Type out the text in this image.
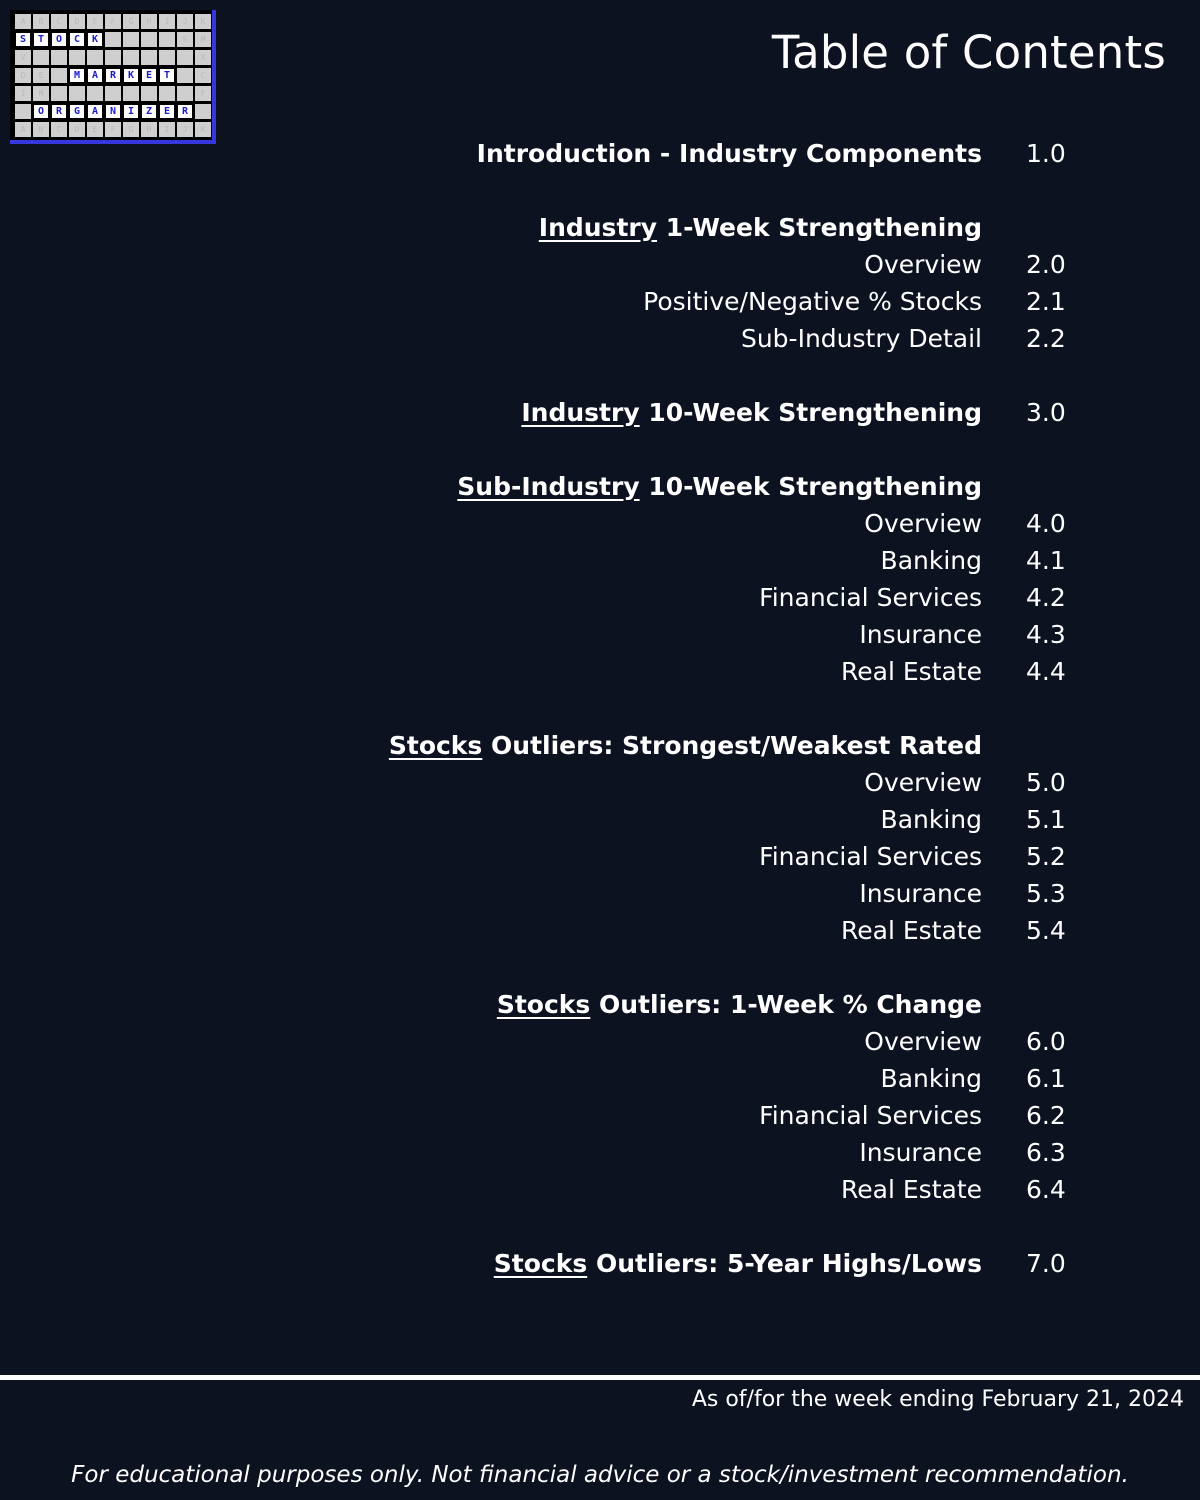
A	B	C	D	E	F	G	H	I	J	K
S	T	O	C	K	S	M
V	X
D	E	M	A	R	K	E	T	C
I	M	F
O	R	G	A	N	I	Z	E	R
A	B	C	D	E	F	G	H	I	J	K
Table of Contents
Introduction - Industry Components 1.0
Industry 1-Week Strengthening
Overview 2.0
Positive/Negative % Stocks 2.1
Sub-Industry Detail 2.2
Industry 10-Week Strengthening 3.0
Sub-Industry 10-Week Strengthening
Overview 4.0
Banking 4.1
Financial Services 4.2
Insurance 4.3
Real Estate 4.4
Stocks Outliers: Strongest/Weakest Rated
Overview 5.0
Banking 5.1
Financial Services 5.2
Insurance 5.3
Real Estate 5.4
Stocks Outliers: 1-Week % Change
Overview 6.0
Banking 6.1
Financial Services 6.2
Insurance 6.3
Real Estate 6.4
Stocks Outliers: 5-Year Highs/Lows 7.0
As of/for the week ending February 21, 2024
For educational purposes only. Not financial advice or a stock/investment recommendation.
